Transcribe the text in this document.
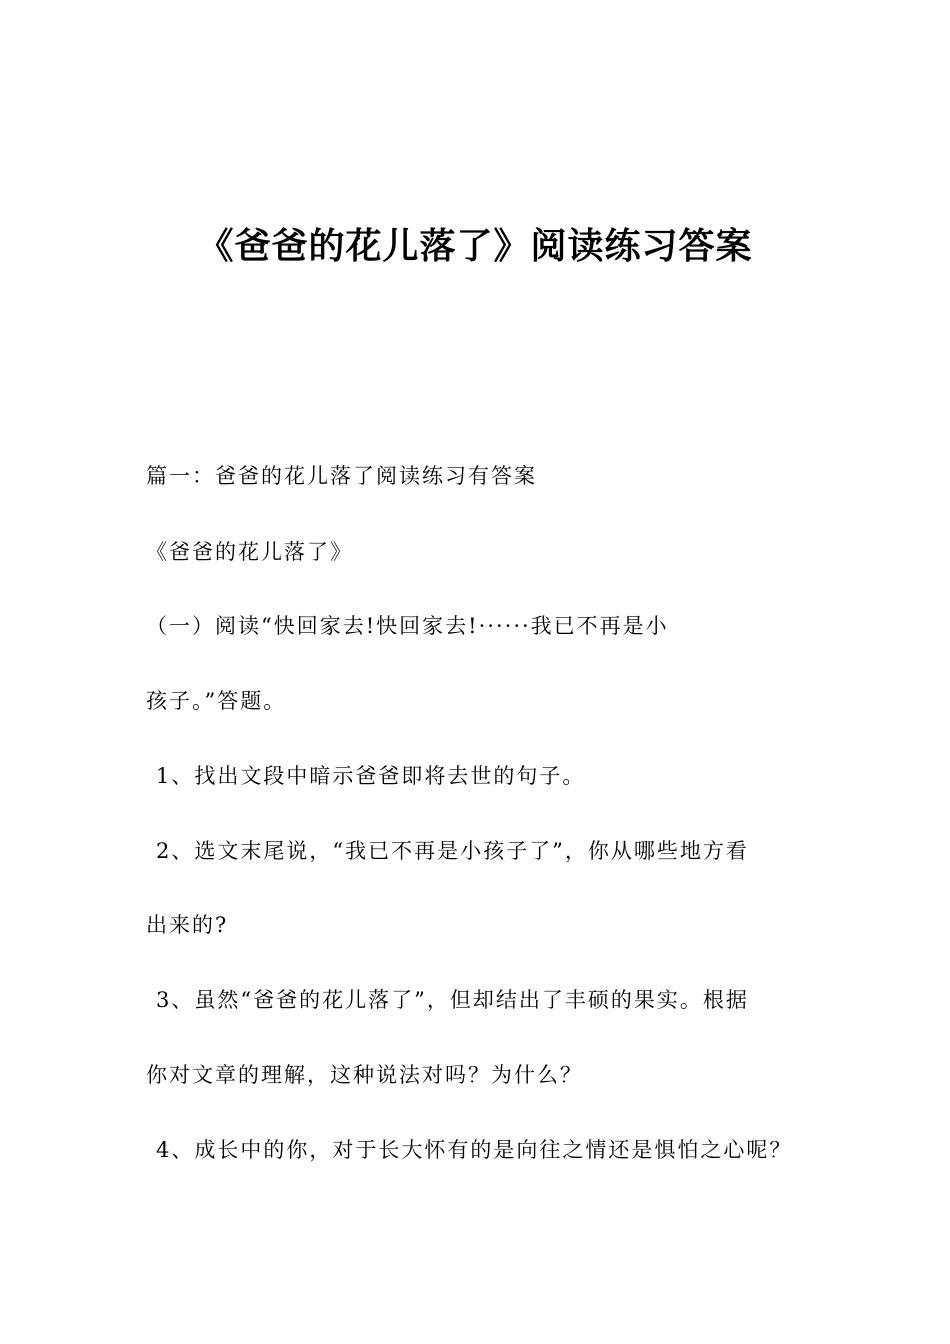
《爸爸的花儿落了》阅读练习答案

篇一：爸爸的花儿落了阅读练习有答案

《爸爸的花儿落了》

（一）阅读“快回家去!快回家去!······我已不再是小

孩子。”答题。

1、找出文段中暗示爸爸即将去世的句子。

2、选文末尾说，“我已不再是小孩子了”，你从哪些地方看

出来的?

3、虽然“爸爸的花儿落了”，但却结出了丰硕的果实。根据

你对文章的理解，这种说法对吗？为什么？

4、成长中的你，对于长大怀有的是向往之情还是惧怕之心呢？
